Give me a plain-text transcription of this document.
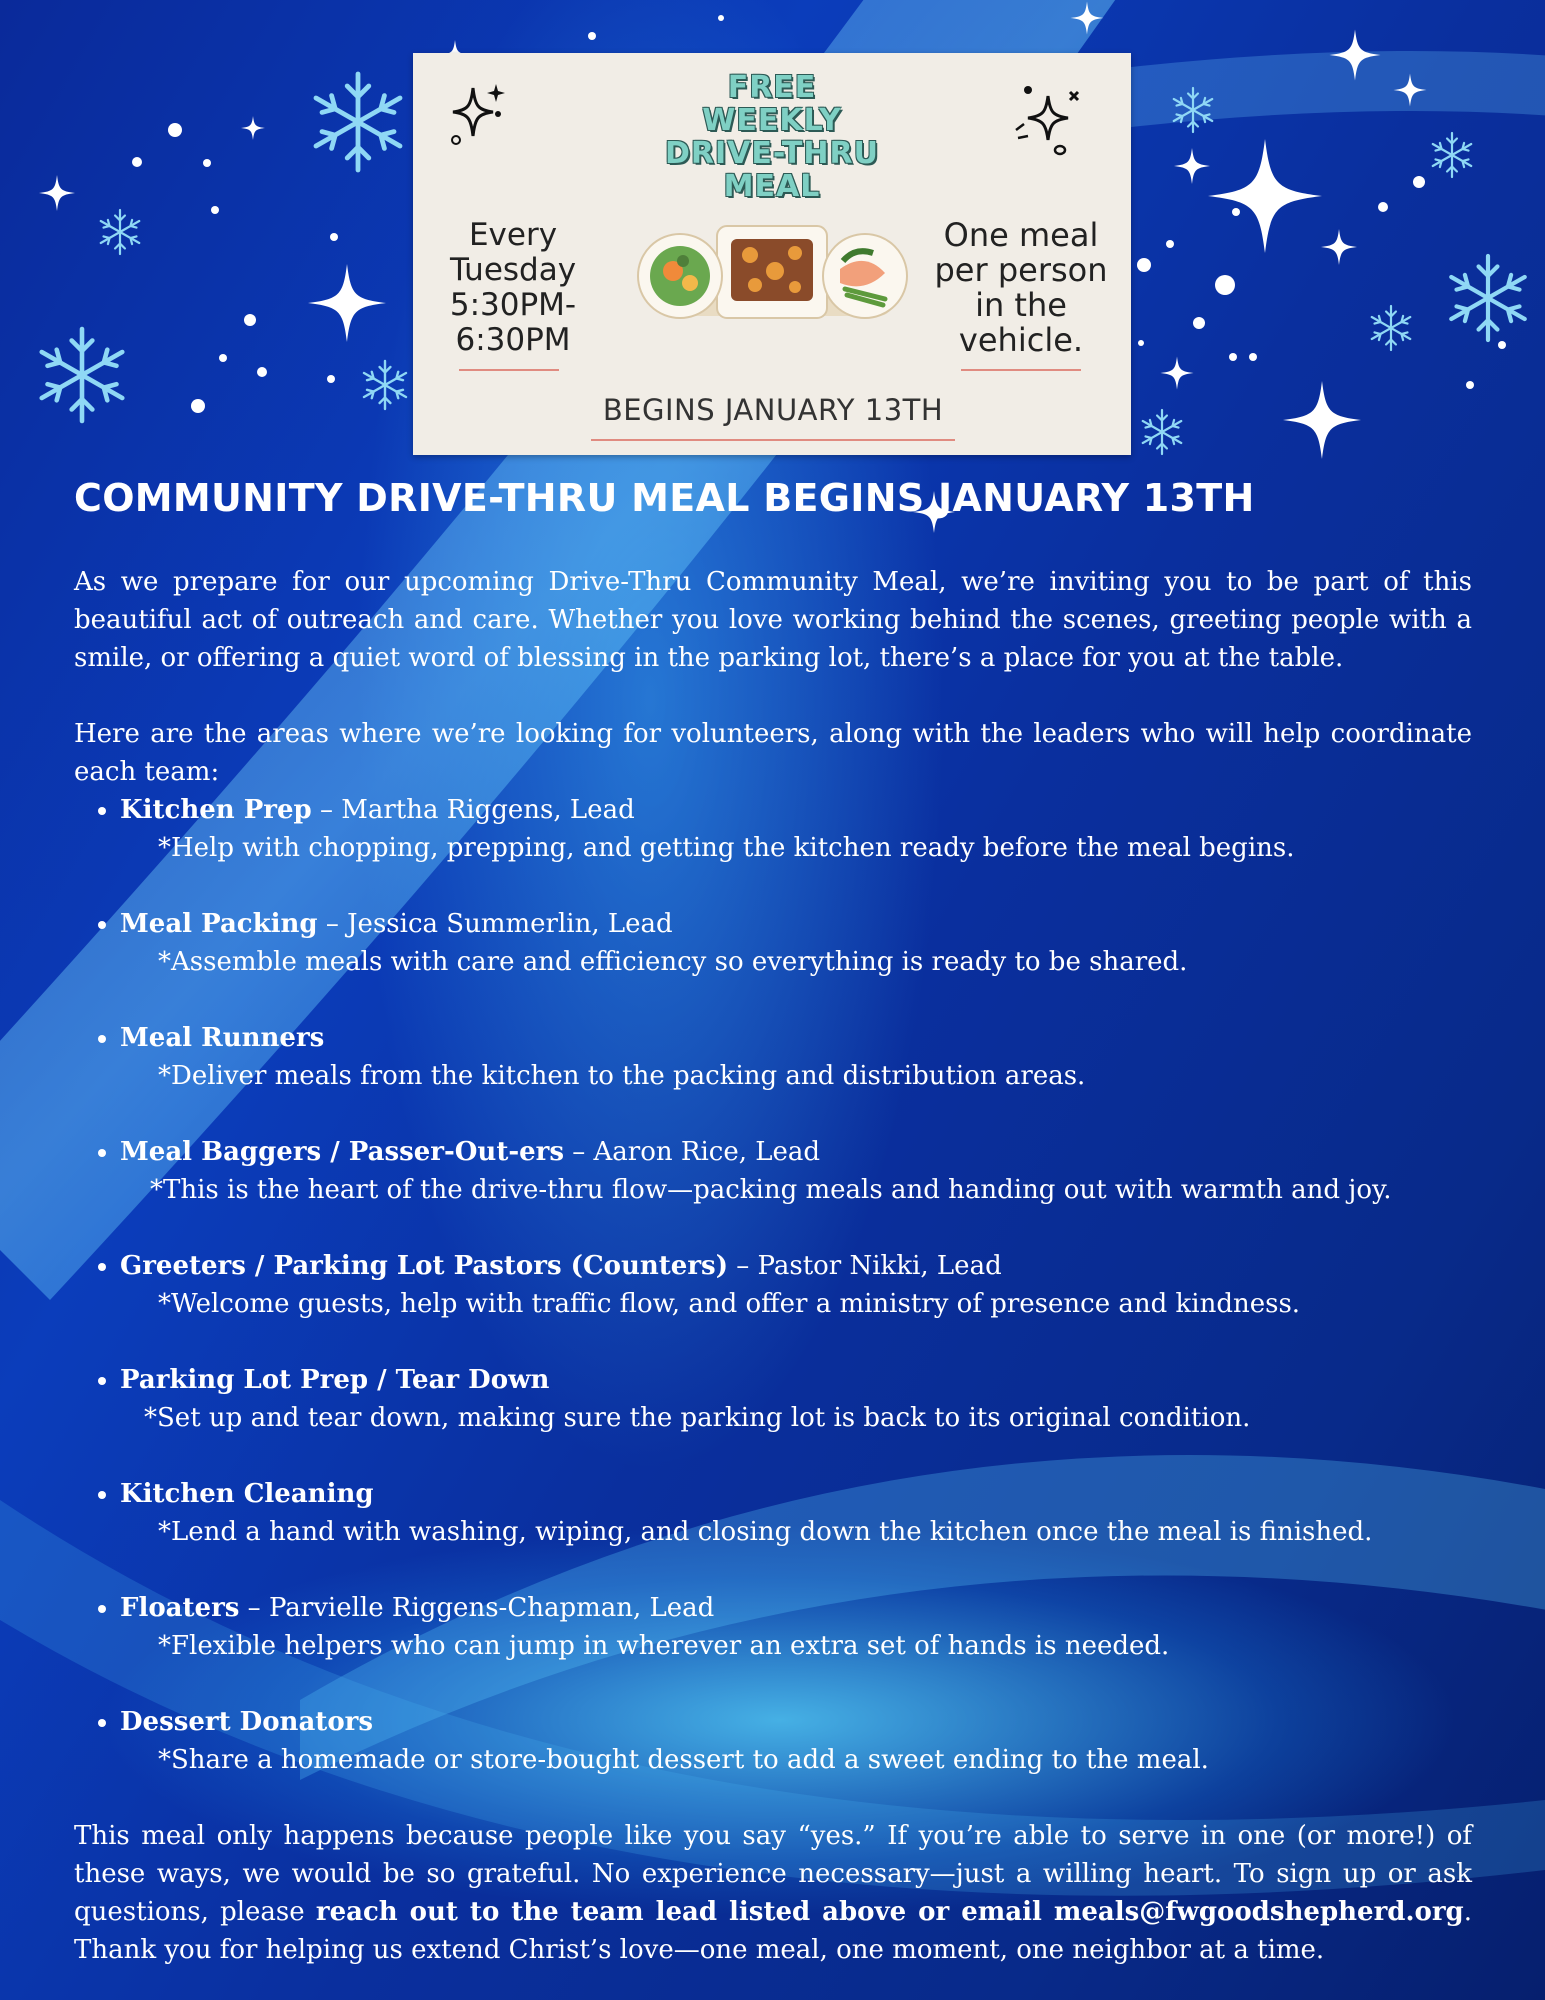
FREE
WEEKLY
DRIVE-THRU
MEAL
Every
Tuesday
5:30PM-
6:30PM
One meal
per person
in the
vehicle.
BEGINS JANUARY 13TH
COMMUNITY DRIVE-THRU MEAL BEGINS JANUARY 13TH

As we prepare for our upcoming Drive-Thru Community Meal, we’re inviting you to be part of this beautiful act of outreach and care. Whether you love working behind the scenes, greeting people with a smile, or offering a quiet word of blessing in the parking lot, there’s a place for you at the table.

Here are the areas where we’re looking for volunteers, along with the leaders who will help coordinate each team:

• Kitchen Prep – Martha Riggens, Lead
*Help with chopping, prepping, and getting the kitchen ready before the meal begins.
• Meal Packing – Jessica Summerlin, Lead
*Assemble meals with care and efficiency so everything is ready to be shared.
• Meal Runners
*Deliver meals from the kitchen to the packing and distribution areas.
• Meal Baggers / Passer-Out-ers – Aaron Rice, Lead
*This is the heart of the drive-thru flow—packing meals and handing out with warmth and joy.
• Greeters / Parking Lot Pastors (Counters) – Pastor Nikki, Lead
*Welcome guests, help with traffic flow, and offer a ministry of presence and kindness.
• Parking Lot Prep / Tear Down
*Set up and tear down, making sure the parking lot is back to its original condition.
• Kitchen Cleaning
*Lend a hand with washing, wiping, and closing down the kitchen once the meal is finished.
• Floaters – Parvielle Riggens-Chapman, Lead
*Flexible helpers who can jump in wherever an extra set of hands is needed.
• Dessert Donators
*Share a homemade or store-bought dessert to add a sweet ending to the meal.

This meal only happens because people like you say “yes.” If you’re able to serve in one (or more!) of these ways, we would be so grateful. No experience necessary—just a willing heart. To sign up or ask questions, please reach out to the team lead listed above or email meals@fwgoodshepherd.org. Thank you for helping us extend Christ’s love—one meal, one moment, one neighbor at a time.
